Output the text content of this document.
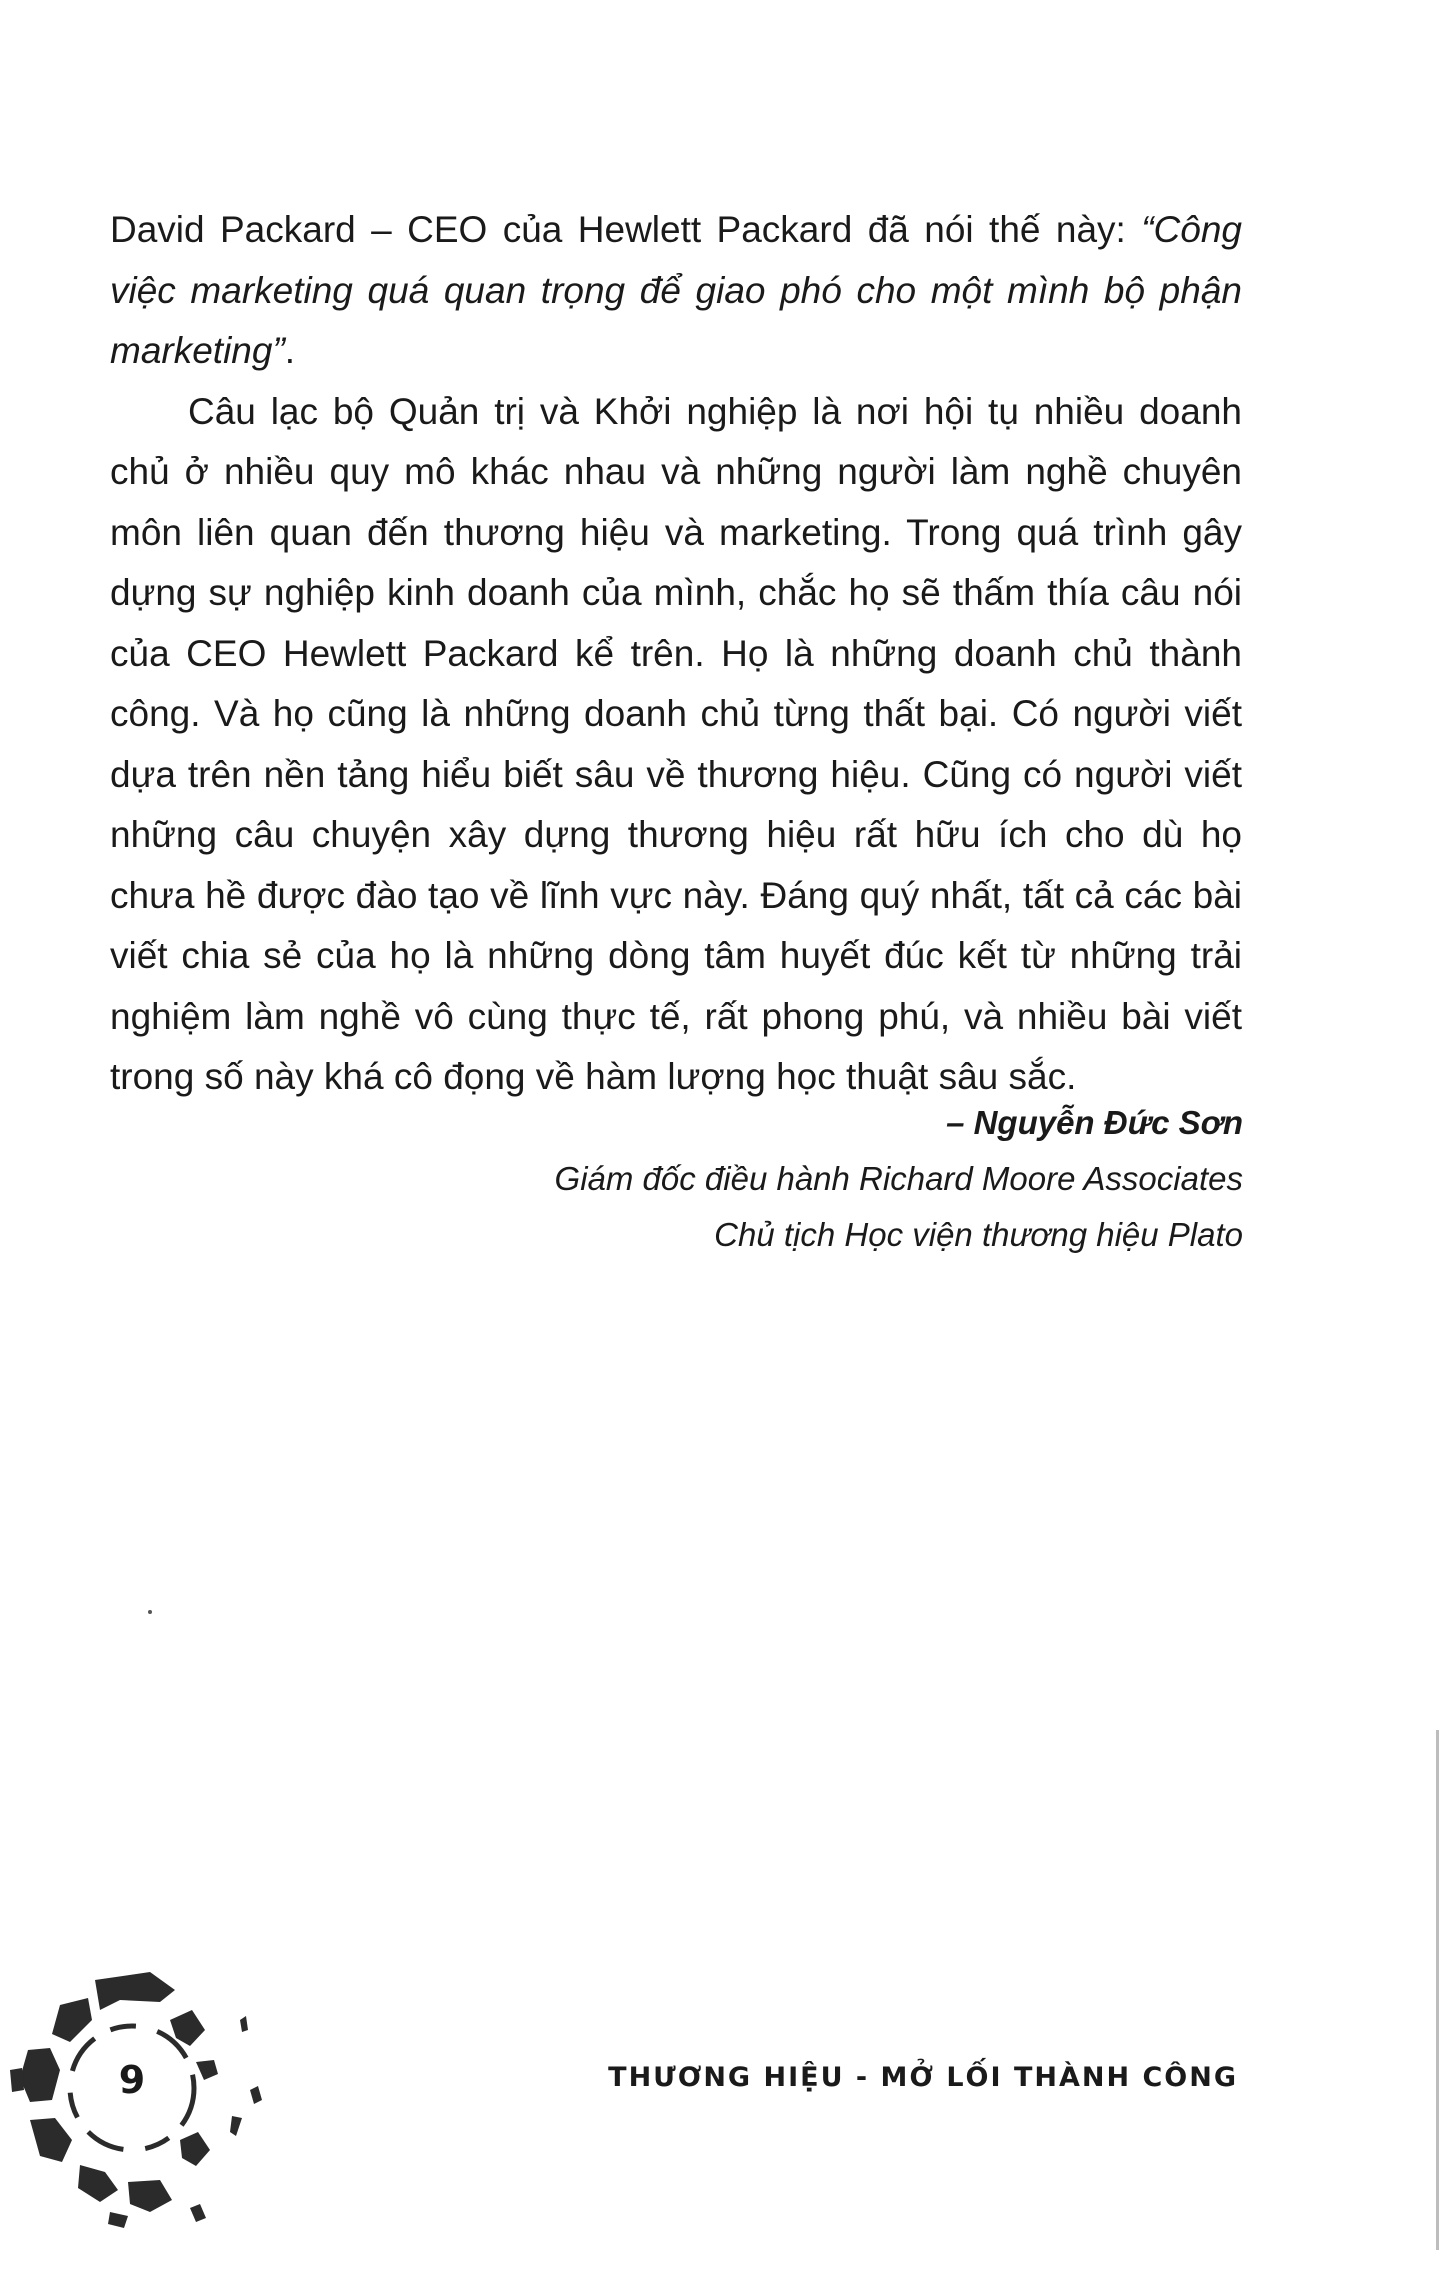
David Packard – CEO của Hewlett Packard đã nói thế này: “Công việc marketing quá quan trọng để giao phó cho một mình bộ phận marketing”.

Câu lạc bộ Quản trị và Khởi nghiệp là nơi hội tụ nhiều doanh chủ ở nhiều quy mô khác nhau và những người làm nghề chuyên môn liên quan đến thương hiệu và marketing. Trong quá trình gây dựng sự nghiệp kinh doanh của mình, chắc họ sẽ thấm thía câu nói của CEO Hewlett Packard kể trên. Họ là những doanh chủ thành công. Và họ cũng là những doanh chủ từng thất bại. Có người viết dựa trên nền tảng hiểu biết sâu về thương hiệu. Cũng có người viết những câu chuyện xây dựng thương hiệu rất hữu ích cho dù họ chưa hề được đào tạo về lĩnh vực này. Đáng quý nhất, tất cả các bài viết chia sẻ của họ là những dòng tâm huyết đúc kết từ những trải nghiệm làm nghề vô cùng thực tế, rất phong phú, và nhiều bài viết trong số này khá cô đọng về hàm lượng học thuật sâu sắc.

– Nguyễn Đức Sơn
Giám đốc điều hành Richard Moore Associates
Chủ tịch Học viện thương hiệu Plato
9	THƯƠNG HIỆU - MỞ LỐI THÀNH CÔNG
